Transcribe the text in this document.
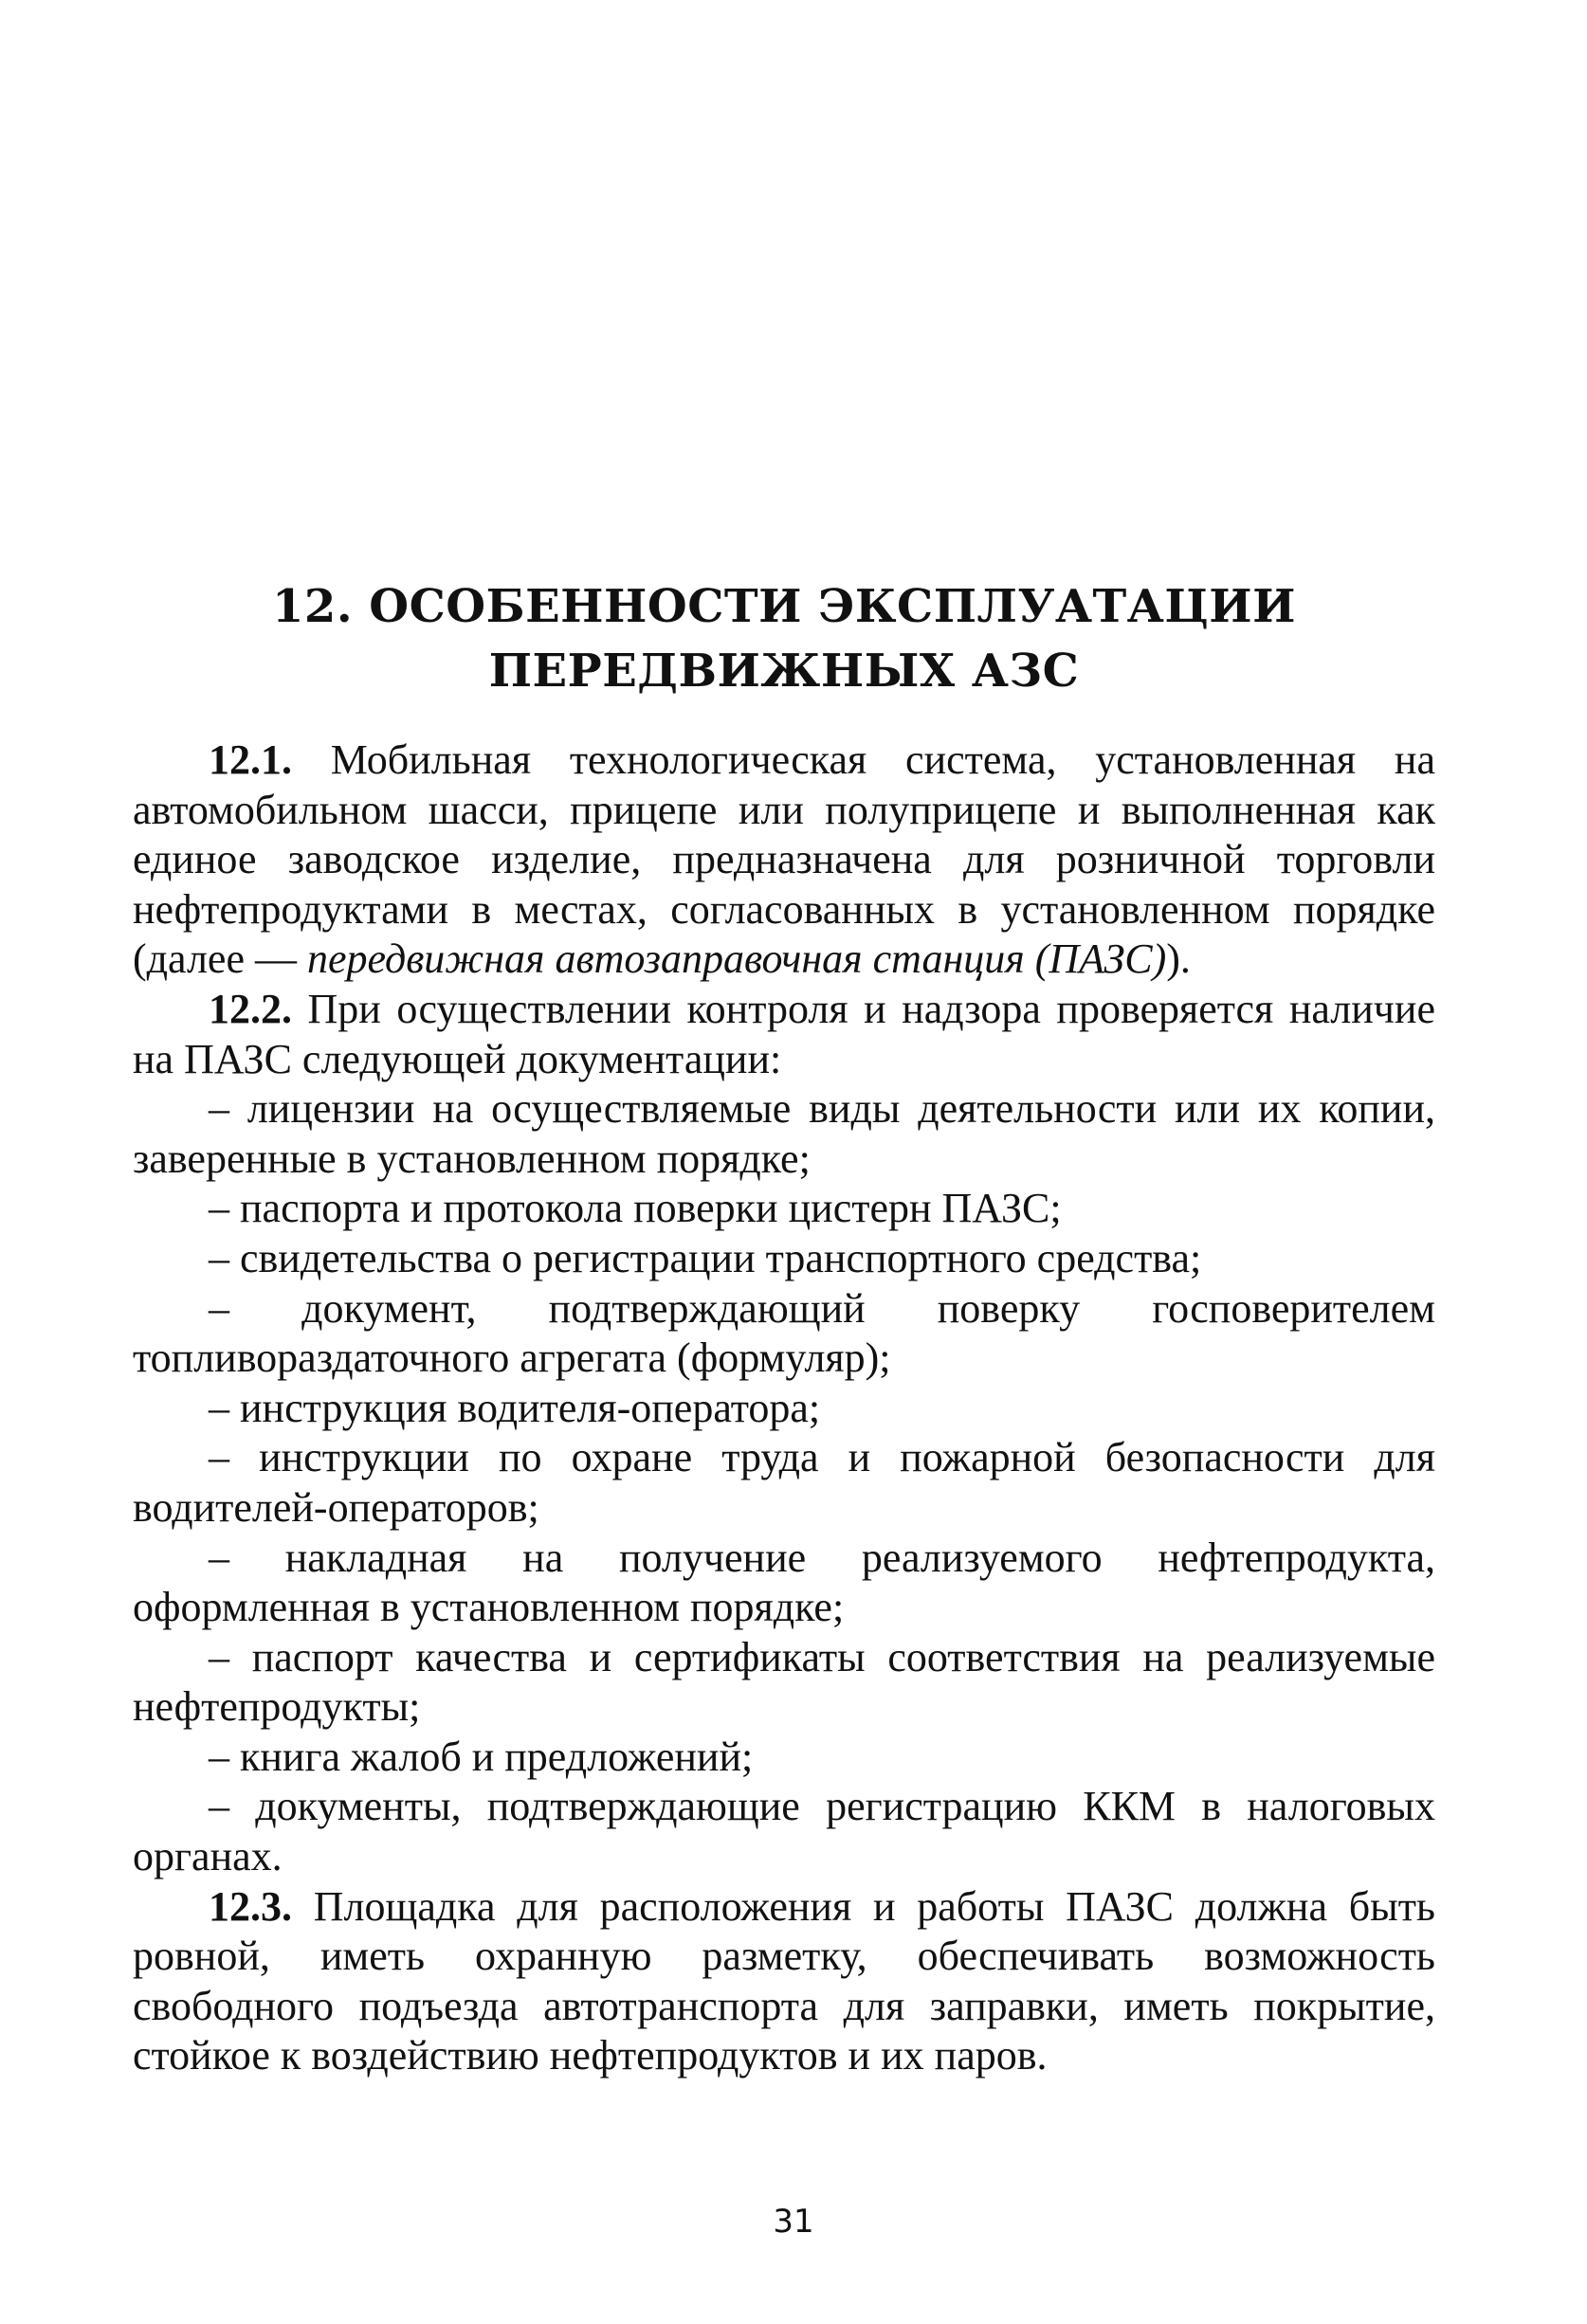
12. ОСОБЕННОСТИ ЭКСПЛУАТАЦИИ
ПЕРЕДВИЖНЫХ АЗС

12.1. Мобильная технологическая система, установленная на автомобильном шасси, прицепе или полуприцепе и выполненная как единое заводское изделие, предназначена для розничной торговли нефтепродуктами в местах, согласованных в установленном порядке (далее — передвижная автозаправочная станция (ПАЗС)).

12.2. При осуществлении контроля и надзора проверяется наличие на ПАЗС следующей документации:

– лицензии на осуществляемые виды деятельности или их копии, заверенные в установленном порядке;

– паспорта и протокола поверки цистерн ПАЗС;

– свидетельства о регистрации транспортного средства;

– документ, подтверждающий поверку госповерителем топливораздаточного агрегата (формуляр);

– инструкция водителя-оператора;

– инструкции по охране труда и пожарной безопасности для водителей-операторов;

– накладная на получение реализуемого нефтепродукта, оформленная в установленном порядке;

– паспорт качества и сертификаты соответствия на реализуемые нефтепродукты;

– книга жалоб и предложений;

– документы, подтверждающие регистрацию ККМ в налоговых органах.

12.3. Площадка для расположения и работы ПАЗС должна быть ровной, иметь охранную разметку, обеспечивать возможность свободного подъезда автотранспорта для заправки, иметь покрытие, стойкое к воздействию нефтепродуктов и их паров.

31
